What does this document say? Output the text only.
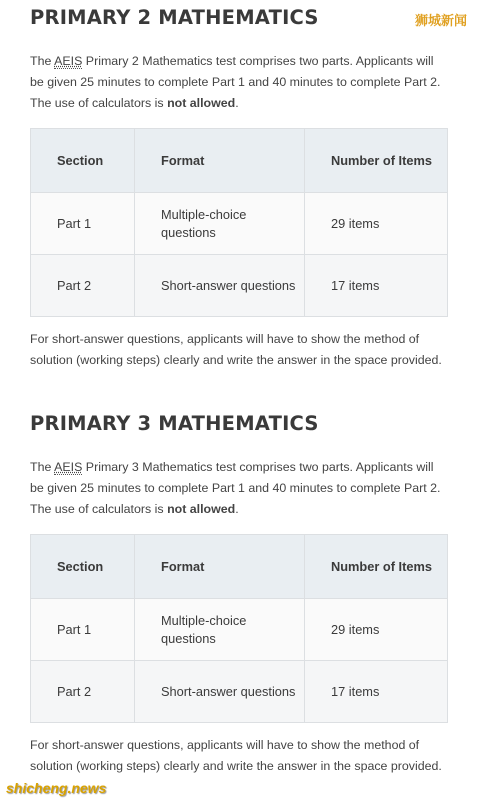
PRIMARY 2 MATHEMATICS

The AEIS Primary 2 Mathematics test comprises two parts. Applicants will be given 25 minutes to complete Part 1 and 40 minutes to complete Part 2. The use of calculators is not allowed.

Section	Format	Number of Items
Part 1	Multiple-choice questions	29 items
Part 2	Short-answer questions	17 items

For short-answer questions, applicants will have to show the method of solution (working steps) clearly and write the answer in the space provided.

PRIMARY 3 MATHEMATICS

The AEIS Primary 3 Mathematics test comprises two parts. Applicants will be given 25 minutes to complete Part 1 and 40 minutes to complete Part 2. The use of calculators is not allowed.

Section	Format	Number of Items
Part 1	Multiple-choice questions	29 items
Part 2	Short-answer questions	17 items

For short-answer questions, applicants will have to show the method of solution (working steps) clearly and write the answer in the space provided.

狮城新闻
shicheng.news
